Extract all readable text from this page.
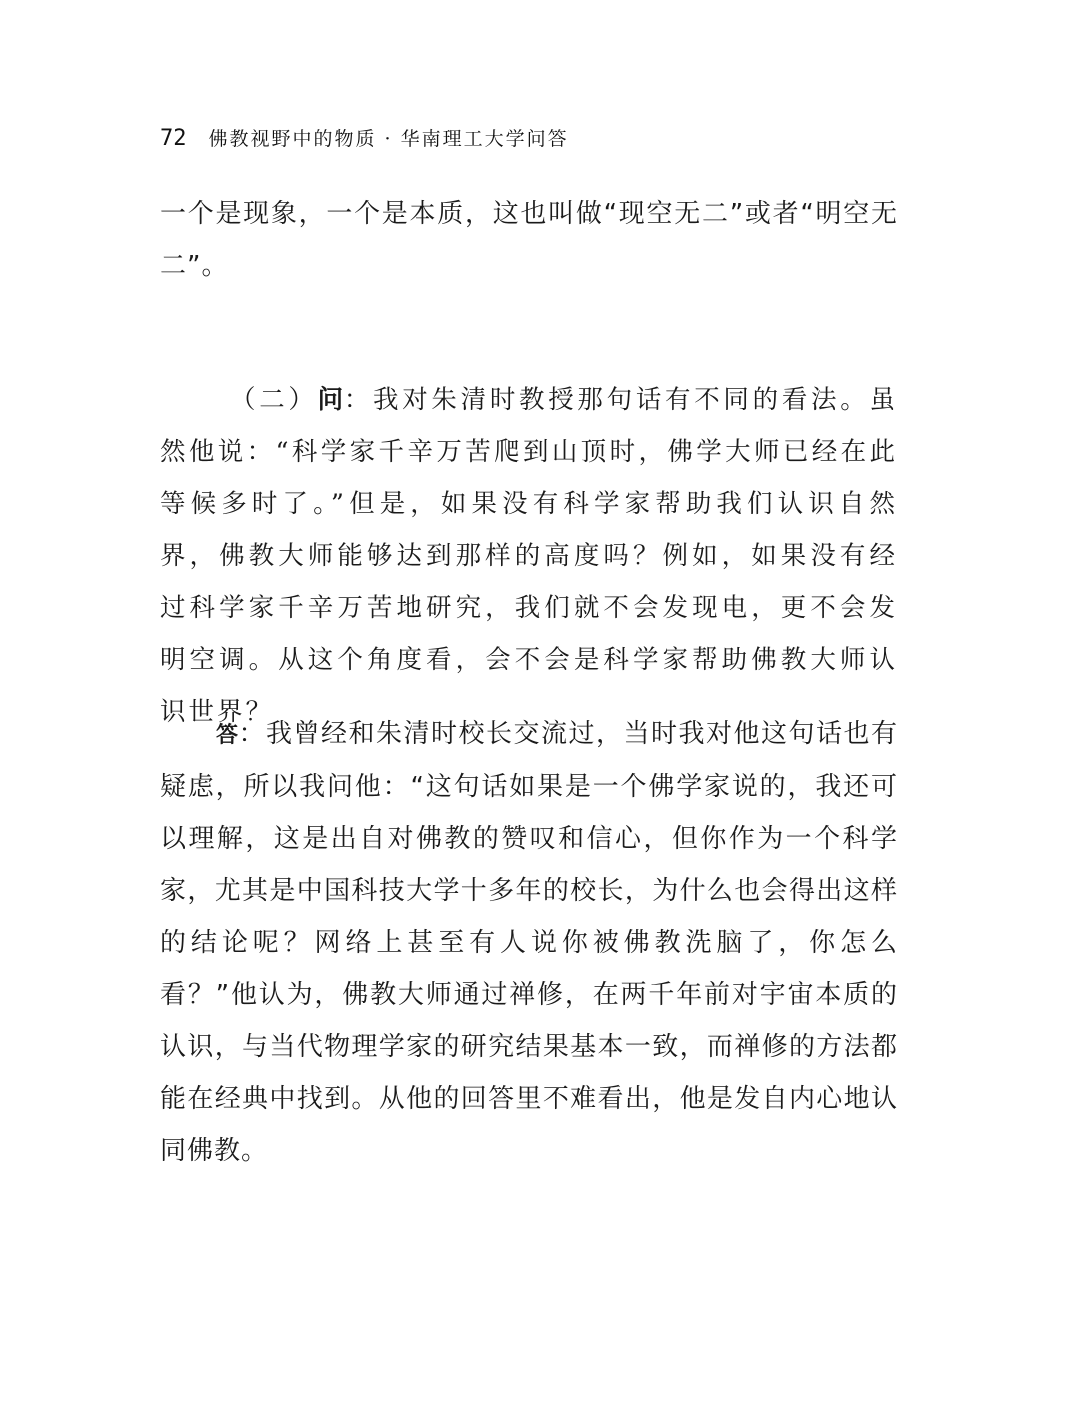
72 佛教视野中的物质 · 华南理工大学问答

一个是现象，一个是本质，这也叫做“现空无二”或者“明空无二”。

（二）问：我对朱清时教授那句话有不同的看法。虽然他说：“科学家千辛万苦爬到山顶时，佛学大师已经在此等候多时了。”但是，如果没有科学家帮助我们认识自然界，佛教大师能够达到那样的高度吗？例如，如果没有经过科学家千辛万苦地研究，我们就不会发现电，更不会发明空调。从这个角度看，会不会是科学家帮助佛教大师认识世界？

答：我曾经和朱清时校长交流过，当时我对他这句话也有疑虑，所以我问他：“这句话如果是一个佛学家说的，我还可以理解，这是出自对佛教的赞叹和信心，但你作为一个科学家，尤其是中国科技大学十多年的校长，为什么也会得出这样的结论呢？网络上甚至有人说你被佛教洗脑了，你怎么看？”他认为，佛教大师通过禅修，在两千年前对宇宙本质的认识，与当代物理学家的研究结果基本一致，而禅修的方法都能在经典中找到。从他的回答里不难看出，他是发自内心地认同佛教。
